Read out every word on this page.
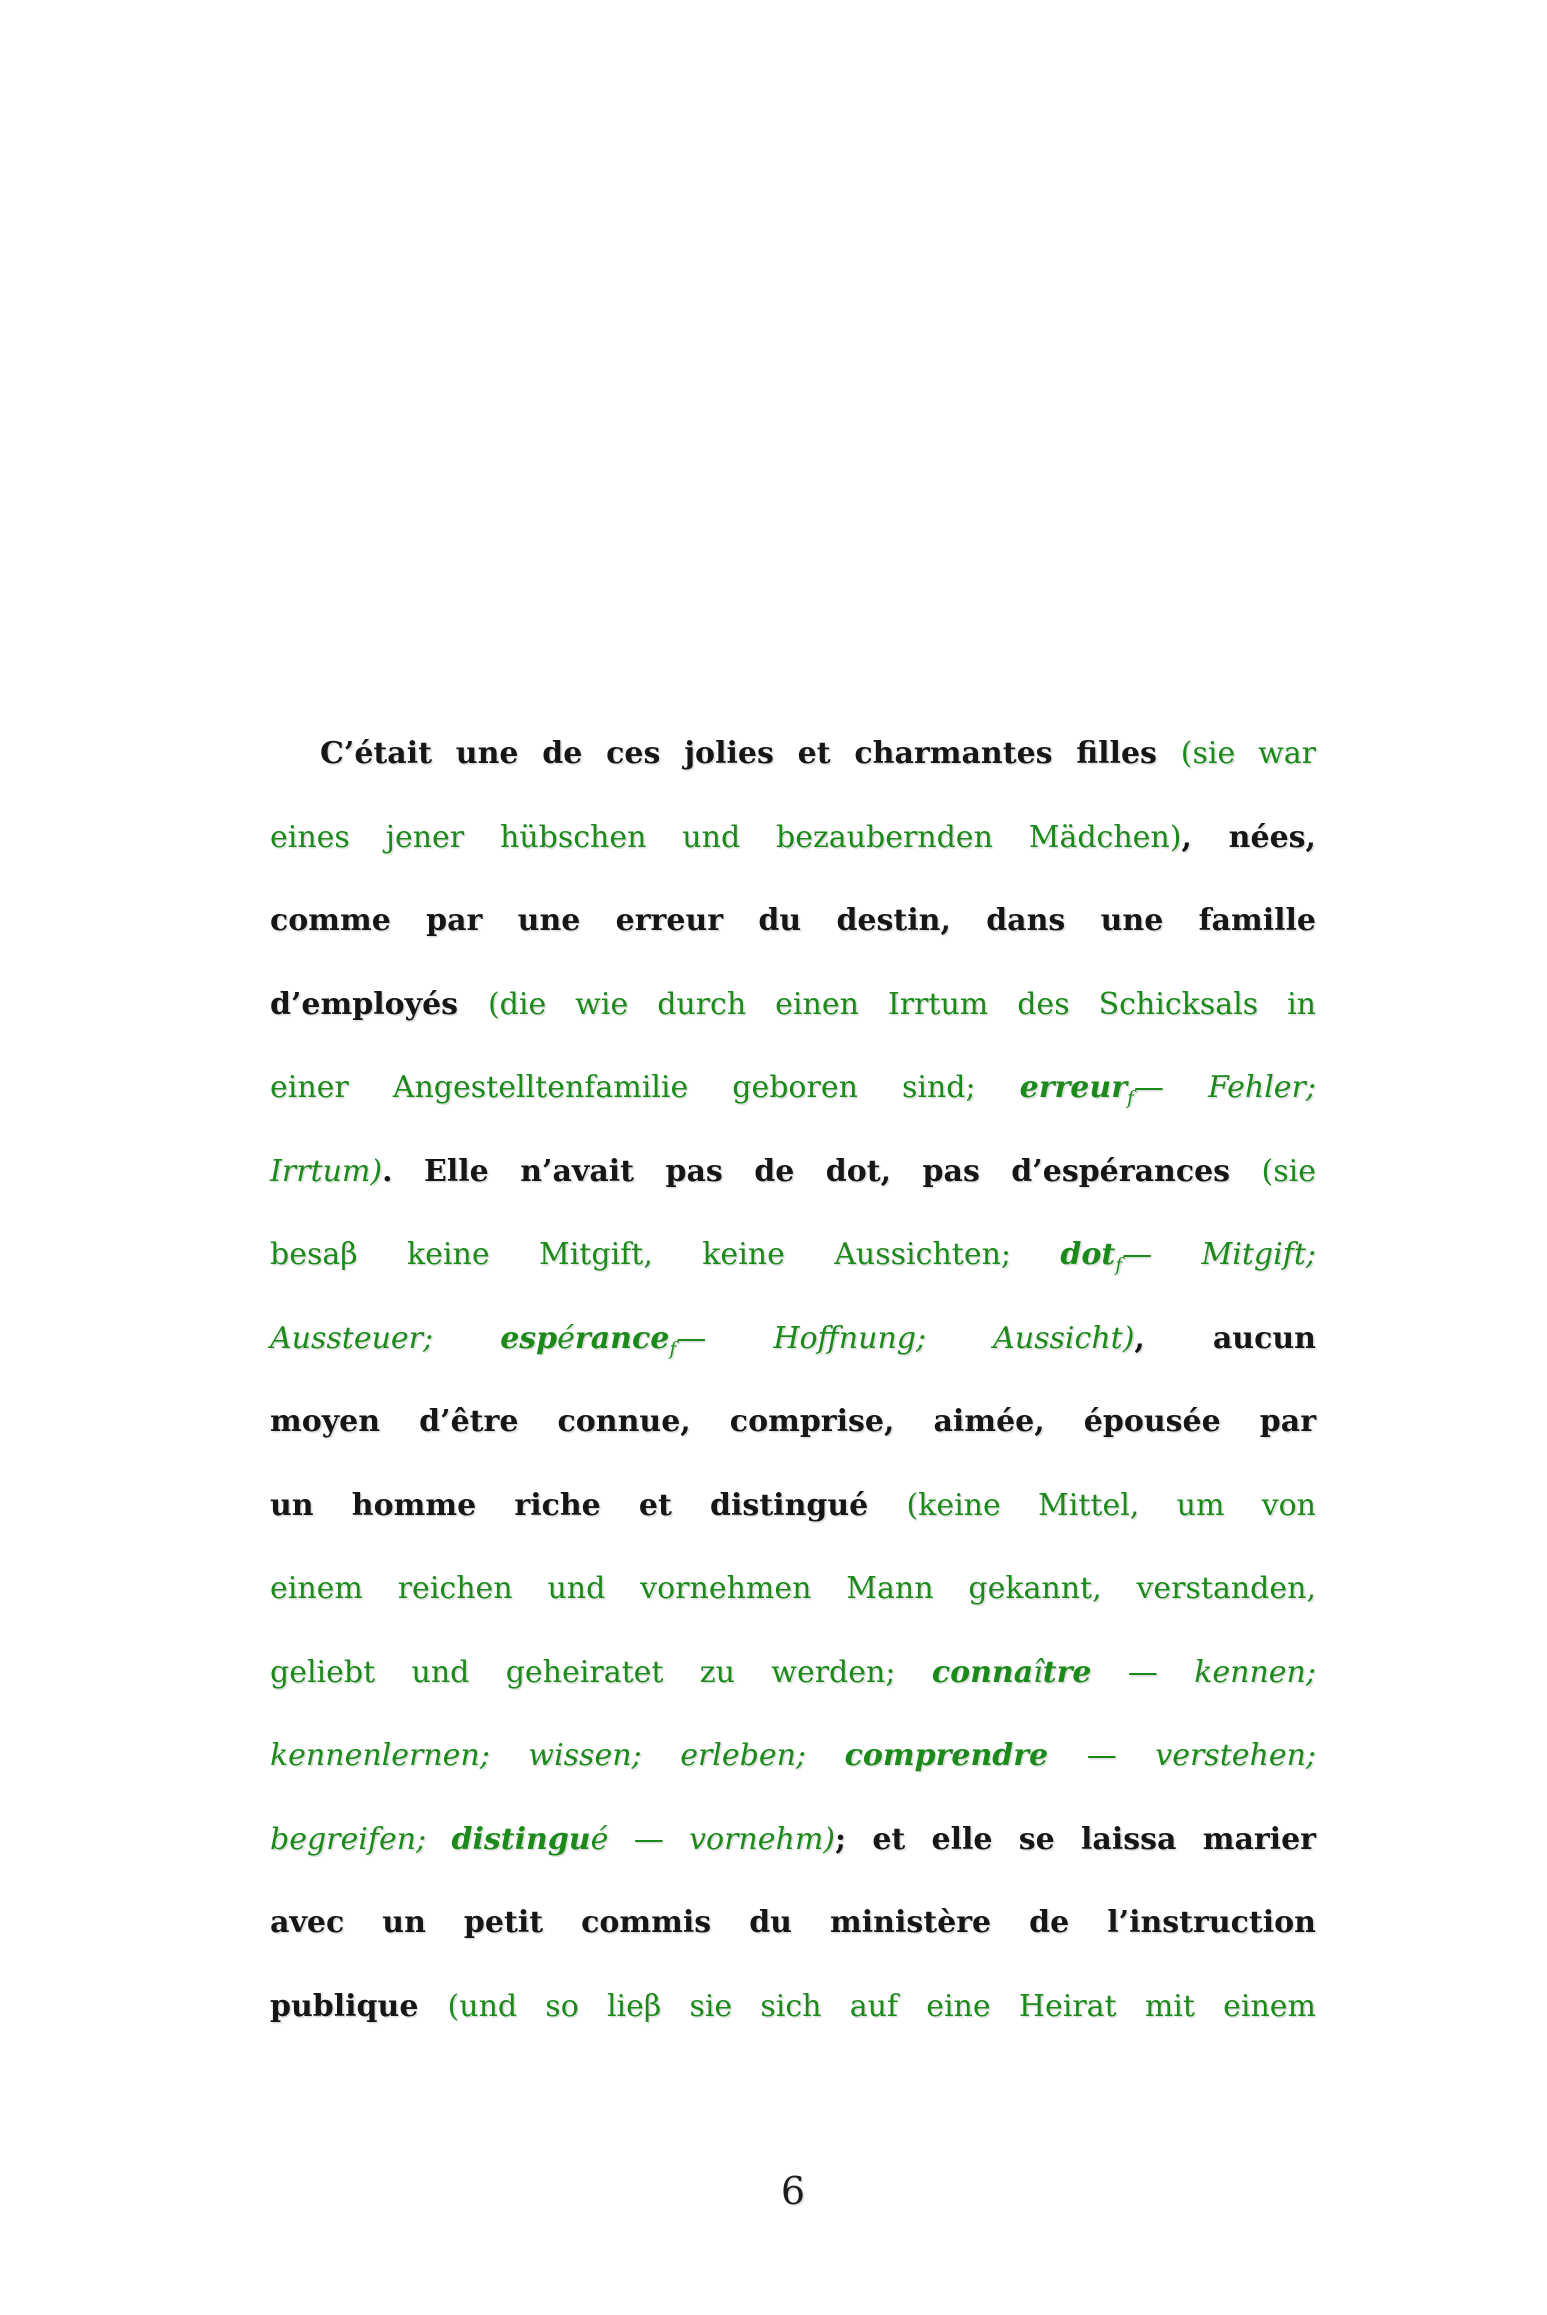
C’était une de ces jolies et charmantes filles (sie war
eines jener hübschen und bezaubernden Mädchen), nées,
comme par une erreur du destin, dans une famille
d’employés (die wie durch einen Irrtum des Schicksals in
einer Angestelltenfamilie geboren sind; erreur$_f$— Fehler;
Irrtum). Elle n’avait pas de dot, pas d’espérances (sie
besaβ keine Mitgift, keine Aussichten; dot$_f$— Mitgift;
Aussteuer; espérance$_f$— Hoffnung; Aussicht), aucun
moyen d’être connue, comprise, aimée, épousée par
un homme riche et distingué (keine Mittel, um von
einem reichen und vornehmen Mann gekannt, verstanden,
geliebt und geheiratet zu werden; connaître — kennen;
kennenlernen; wissen; erleben; comprendre — verstehen;
begreifen; distingué — vornehm); et elle se laissa marier
avec un petit commis du ministère de l’instruction
publique (und so lieβ sie sich auf eine Heirat mit einem
6
